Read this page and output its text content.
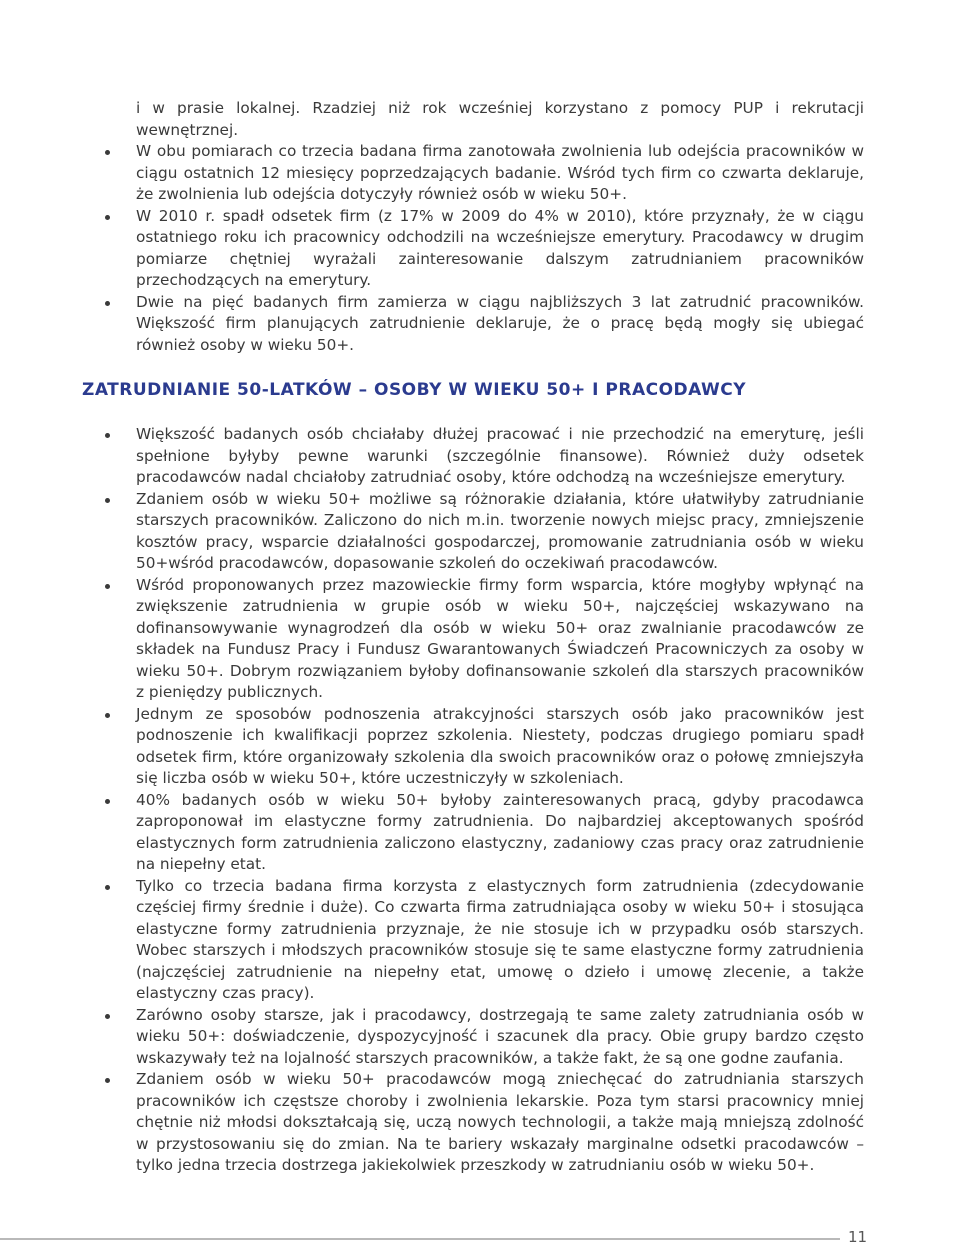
i w prasie lokalnej. Rzadziej niż rok wcześniej korzystano z pomocy PUP i rekrutacji wewnętrznej.
W obu pomiarach co trzecia badana firma zanotowała zwolnienia lub odejścia pracowników w ciągu ostatnich 12 miesięcy poprzedzających badanie. Wśród tych firm co czwarta deklaruje, że zwolnienia lub odejścia dotyczyły również osób w wieku 50+.
W 2010 r. spadł odsetek firm (z 17% w 2009 do 4% w 2010), które przyznały, że w ciągu ostatniego roku ich pracownicy odchodzili na wcześniejsze emerytury. Pracodawcy w drugim pomiarze chętniej wyrażali zainteresowanie dalszym zatrudnianiem pracowników przechodzących na emerytury.
Dwie na pięć badanych firm zamierza w ciągu najbliższych 3 lat zatrudnić pracowników. Większość firm planujących zatrudnienie deklaruje, że o pracę będą mogły się ubiegać również osoby w wieku 50+.
ZATRUDNIANIE 50-LATKÓW – OSOBY W WIEKU 50+ I PRACODAWCY
Większość badanych osób chciałaby dłużej pracować i nie przechodzić na emeryturę, jeśli spełnione byłyby pewne warunki (szczególnie finansowe). Również duży odsetek pracodawców nadal chciałoby zatrudniać osoby, które odchodzą na wcześniejsze emerytury.
Zdaniem osób w wieku 50+ możliwe są różnorakie działania, które ułatwiłyby zatrudnianie starszych pracowników. Zaliczono do nich m.in. tworzenie nowych miejsc pracy, zmniejszenie kosztów pracy, wsparcie działalności gospodarczej, promowanie zatrudniania osób w wieku 50+wśród pracodawców, dopasowanie szkoleń do oczekiwań pracodawców.
Wśród proponowanych przez mazowieckie firmy form wsparcia, które mogłyby wpłynąć na zwiększenie zatrudnienia w grupie osób w wieku 50+, najczęściej wskazywano na dofinansowywanie wynagrodzeń dla osób w wieku 50+ oraz zwalnianie pracodawców ze składek na Fundusz Pracy i Fundusz Gwarantowanych Świadczeń Pracowniczych za osoby w wieku 50+. Dobrym rozwiązaniem byłoby dofinansowanie szkoleń dla starszych pracowników z pieniędzy publicznych.
Jednym ze sposobów podnoszenia atrakcyjności starszych osób jako pracowników jest podnoszenie ich kwalifikacji poprzez szkolenia. Niestety, podczas drugiego pomiaru spadł odsetek firm, które organizowały szkolenia dla swoich pracowników oraz o połowę zmniejszyła się liczba osób w wieku 50+, które uczestniczyły w szkoleniach.
40% badanych osób w wieku 50+ byłoby zainteresowanych pracą, gdyby pracodawca zaproponował im elastyczne formy zatrudnienia. Do najbardziej akceptowanych spośród elastycznych form zatrudnienia zaliczono elastyczny, zadaniowy czas pracy oraz zatrudnienie na niepełny etat.
Tylko co trzecia badana firma korzysta z elastycznych form zatrudnienia (zdecydowanie częściej firmy średnie i duże). Co czwarta firma zatrudniająca osoby w wieku 50+ i stosująca elastyczne formy zatrudnienia przyznaje, że nie stosuje ich w przypadku osób starszych. Wobec starszych i młodszych pracowników stosuje się te same elastyczne formy zatrudnienia (najczęściej zatrudnienie na niepełny etat, umowę o dzieło i umowę zlecenie, a także elastyczny czas pracy).
Zarówno osoby starsze, jak i pracodawcy, dostrzegają te same zalety zatrudniania osób w wieku 50+: doświadczenie, dyspozycyjność i szacunek dla pracy. Obie grupy bardzo często wskazywały też na lojalność starszych pracowników, a także fakt, że są one godne zaufania.
Zdaniem osób w wieku 50+ pracodawców mogą zniechęcać do zatrudniania starszych pracowników ich częstsze choroby i zwolnienia lekarskie. Poza tym starsi pracownicy mniej chętnie niż młodsi dokształcają się, uczą nowych technologii, a także mają mniejszą zdolność w przystosowaniu się do zmian. Na te bariery wskazały marginalne odsetki pracodawców – tylko jedna trzecia dostrzega jakiekolwiek przeszkody w zatrudnianiu osób w wieku 50+.
11
